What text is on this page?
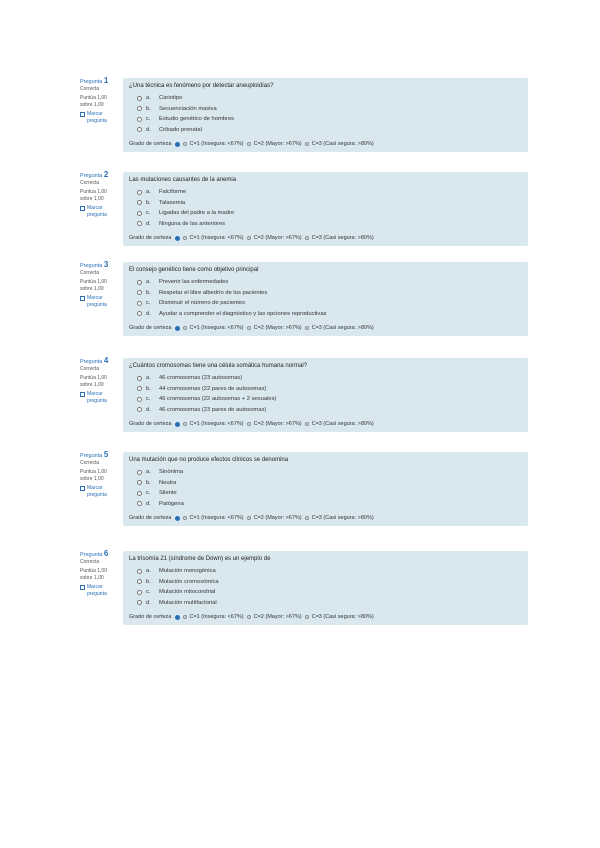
Pregunta 1
Correcta
Puntúa 1,00 sobre 1,00
Marcar pregunta
¿Una técnica es fenómeno por detectar aneuploidías?
a.	Cariotipo
b.	Secuenciación masiva
c.	Estudio genético de hombres
d.	Cribado prenatal
Grado de certeza	C=1 (Insegura: <67%) C=2 (Mayor: >67%) C=3 (Casi segura: >80%)
Pregunta 2
Correcta
Puntúa 1,00 sobre 1,00
Marcar pregunta
Las mutaciones causantes de la anemia
a.	Falciforme
b.	Talasemia
c.	Ligadas del padre a la madre
d.	Ninguna de las anteriores
Grado de certeza	C=1 (Insegura: <67%) C=2 (Mayor: >67%) C=3 (Casi segura: >80%)
Pregunta 3
Correcta
Puntúa 1,00 sobre 1,00
Marcar pregunta
El consejo genético tiene como objetivo principal
a.	Prevenir las enfermedades
b.	Respetar el libre albedrío de los pacientes
c.	Disminuir el número de pacientes
d.	Ayudar a comprender el diagnóstico y las opciones reproductivas
Grado de certeza	C=1 (Insegura: <67%) C=2 (Mayor: >67%) C=3 (Casi segura: >80%)
Pregunta 4
Correcta
Puntúa 1,00 sobre 1,00
Marcar pregunta
¿Cuántos cromosomas tiene una célula somática humana normal?
a.	46 cromosomas (23 autosomas)
b.	44 cromosomas (22 pares de autosomas)
c.	46 cromosomas (22 autosomas + 2 sexuales)
d.	46 cromosomas (23 pares de autosomas)
Grado de certeza	C=1 (Insegura: <67%) C=2 (Mayor: >67%) C=3 (Casi segura: >80%)
Pregunta 5
Correcta
Puntúa 1,00 sobre 1,00
Marcar pregunta
Una mutación que no produce efectos clínicos se denomina
a.	Sinónima
b.	Neutra
c.	Silente
d.	Patógena
Grado de certeza	C=1 (Insegura: <67%) C=2 (Mayor: >67%) C=3 (Casi segura: >80%)
Pregunta 6
Correcta
Puntúa 1,00 sobre 1,00
Marcar pregunta
La trisomía 21 (síndrome de Down) es un ejemplo de
a.	Mutación monogénica
b.	Mutación cromosómica
c.	Mutación mitocondrial
d.	Mutación multifactorial
Grado de certeza	C=1 (Insegura: <67%) C=2 (Mayor: >67%) C=3 (Casi segura: >80%)
